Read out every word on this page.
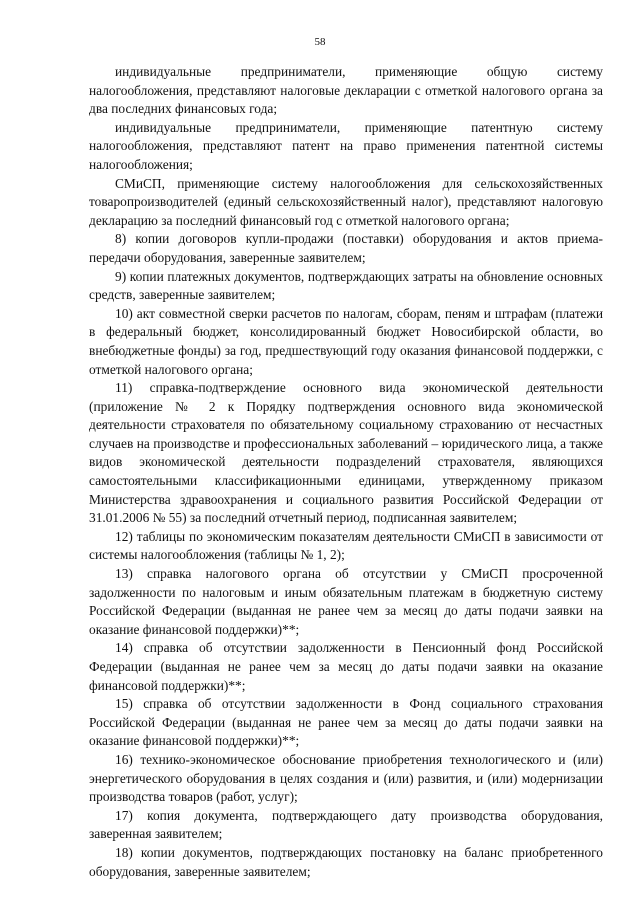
58

индивидуальные предприниматели, применяющие общую систему налогообложения, представляют налоговые декларации с отметкой налогового органа за два последних финансовых года;

индивидуальные предприниматели, применяющие патентную систему налогообложения, представляют патент на право применения патентной системы налогообложения;

СМиСП, применяющие систему налогообложения для сельскохозяйственных товаропроизводителей (единый сельскохозяйственный налог), представляют налоговую декларацию за последний финансовый год с отметкой налогового органа;

8) копии договоров купли-продажи (поставки) оборудования и актов приема-передачи оборудования, заверенные заявителем;

9) копии платежных документов, подтверждающих затраты на обновление основных средств, заверенные заявителем;

10) акт совместной сверки расчетов по налогам, сборам, пеням и штрафам (платежи в федеральный бюджет, консолидированный бюджет Новосибирской области, во внебюджетные фонды) за год, предшествующий году оказания финансовой поддержки, с отметкой налогового органа;

11) справка-подтверждение основного вида экономической деятельности (приложение № 2 к Порядку подтверждения основного вида экономической деятельности страхователя по обязательному социальному страхованию от несчастных случаев на производстве и профессиональных заболеваний – юридического лица, а также видов экономической деятельности подразделений страхователя, являющихся самостоятельными классификационными единицами, утвержденному приказом Министерства здравоохранения и социального развития Российской Федерации от 31.01.2006 № 55) за последний отчетный период, подписанная заявителем;

12) таблицы по экономическим показателям деятельности СМиСП в зависимости от системы налогообложения (таблицы № 1, 2);

13) справка налогового органа об отсутствии у СМиСП просроченной задолженности по налоговым и иным обязательным платежам в бюджетную систему Российской Федерации (выданная не ранее чем за месяц до даты подачи заявки на оказание финансовой поддержки)**;

14) справка об отсутствии задолженности в Пенсионный фонд Российской Федерации (выданная не ранее чем за месяц до даты подачи заявки на оказание финансовой поддержки)**;

15) справка об отсутствии задолженности в Фонд социального страхования Российской Федерации (выданная не ранее чем за месяц до даты подачи заявки на оказание финансовой поддержки)**;

16) технико-экономическое обоснование приобретения технологического и (или) энергетического оборудования в целях создания и (или) развития, и (или) модернизации производства товаров (работ, услуг);

17) копия документа, подтверждающего дату производства оборудования, заверенная заявителем;

18) копии документов, подтверждающих постановку на баланс приобретенного оборудования, заверенные заявителем;
